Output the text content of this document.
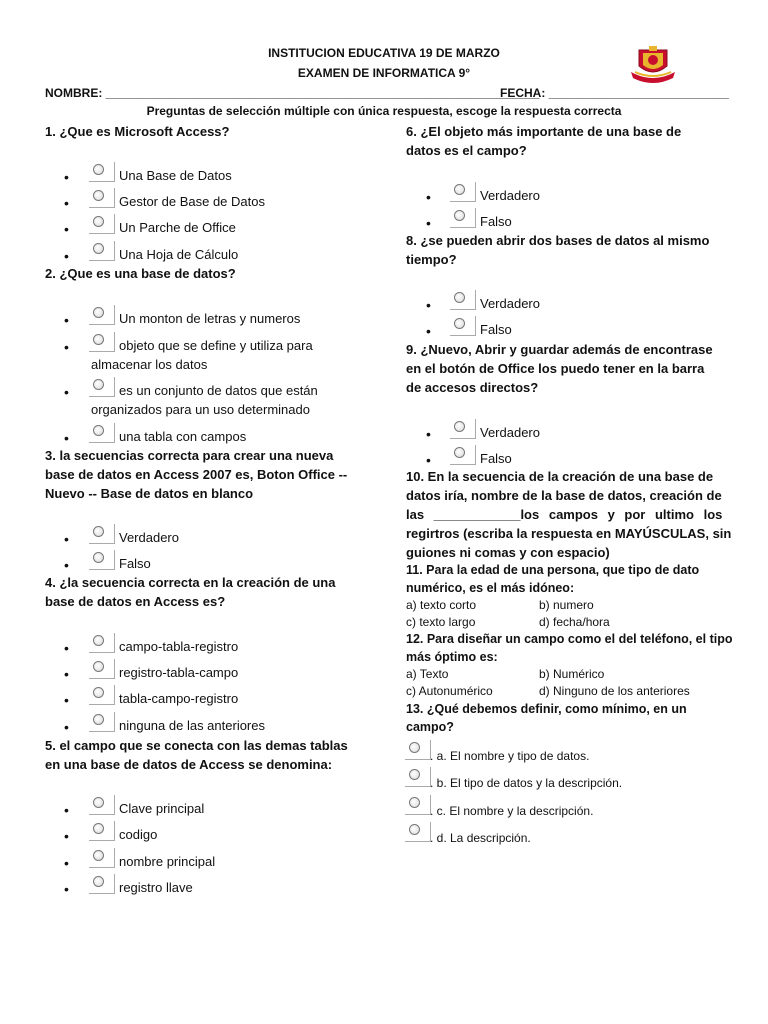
INSTITUCION EDUCATIVA 19 DE MARZO
EXAMEN DE INFORMATICA 9°
NOMBRE: _________________________________________________________________
FECHA: ___________________________
Preguntas de selección múltiple con única respuesta, escoge la respuesta correcta
1. ¿Que es Microsoft Access?
•	Una Base de Datos
•	Gestor de Base de Datos
•	Un Parche de Office
•	Una Hoja de Cálculo
2. ¿Que es una base de datos?
•	Un monton de letras y numeros
•	objeto que se define y utiliza para
almacenar los datos
•	es un conjunto de datos que están
organizados para un uso determinado
•	una tabla con campos
3. la secuencias correcta para crear una nueva
base de datos en Access 2007 es, Boton Office --
Nuevo -- Base de datos en blanco
•	Verdadero
•	Falso
4. ¿la secuencia correcta en la creación de una
base de datos en Access es?
•	campo-tabla-registro
•	registro-tabla-campo
•	tabla-campo-registro
•	ninguna de las anteriores
5. el campo que se conecta con las demas tablas
en una base de datos de Access se denomina:
•	Clave principal
•	codigo
•	nombre principal
•	registro llave
6. ¿El objeto más importante de una base de
datos es el campo?
•	Verdadero
•	Falso
8. ¿se pueden abrir dos bases de datos al mismo
tiempo?
•	Verdadero
•	Falso
9. ¿Nuevo, Abrir y guardar además de encontrase
en el botón de Office los puedo tener en la barra
de accesos directos?
•	Verdadero
•	Falso
10. En la secuencia de la creación de una base de
datos iría, nombre de la base de datos, creación de
las ____________los campos y por ultimo los
regirtros (escriba la respuesta en MAYÚSCULAS, sin
guiones ni comas y con espacio)
11. Para la edad de una persona, que tipo de dato
numérico, es el más idóneo:
a) texto corto	b) numero
c) texto largo	d) fecha/hora
12. Para diseñar un campo como el del teléfono, el tipo
más óptimo es:
a) Texto	b) Numérico
c) Autonumérico	d) Ninguno de los anteriores
13. ¿Qué debemos definir, como mínimo, en un
campo?
. a. El nombre y tipo de datos.
. b. El tipo de datos y la descripción.
. c. El nombre y la descripción.
. d. La descripción.
